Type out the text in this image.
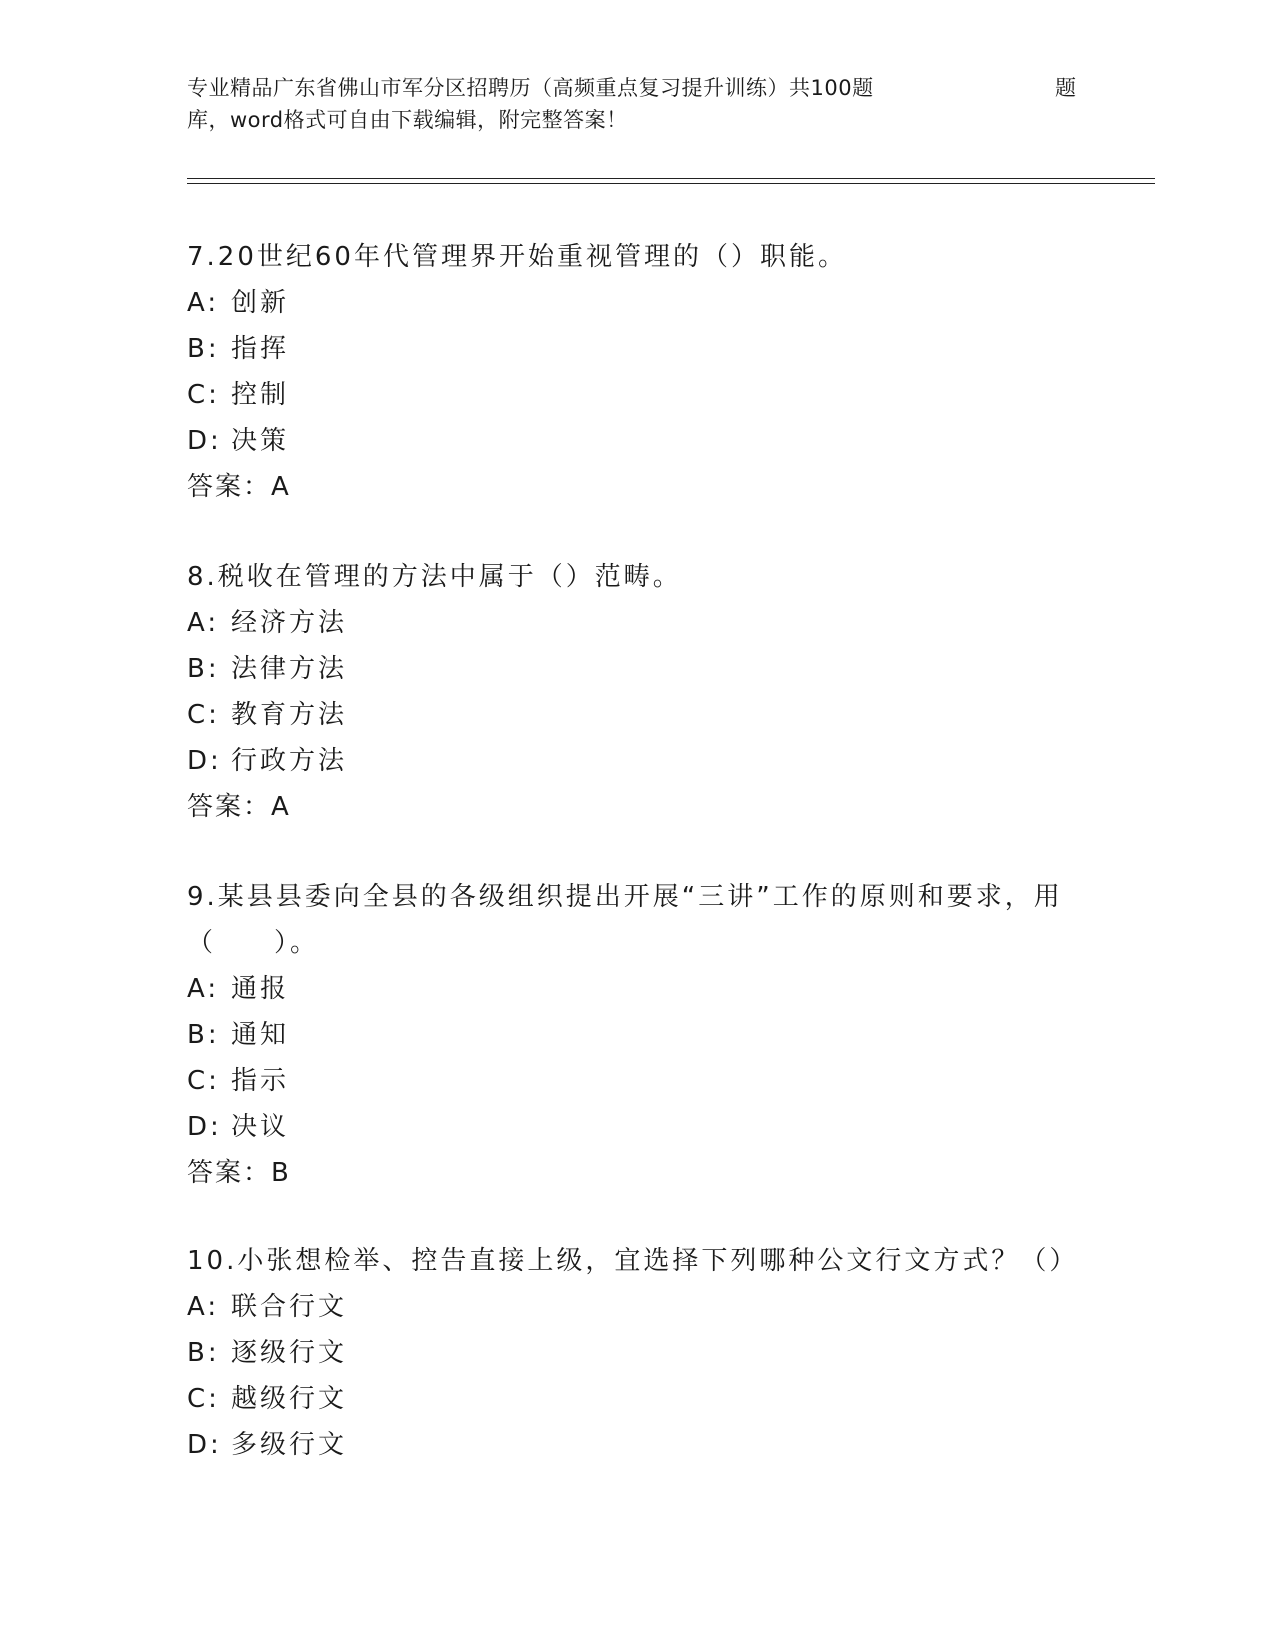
专业精品广东省佛山市军分区招聘历（高频重点复习提升训练）共100题	题
库，word格式可自由下载编辑，附完整答案！
7.20世纪60年代管理界开始重视管理的（）职能。
A: 创新
B: 指挥
C: 控制
D: 决策
答案：A
8.税收在管理的方法中属于（）范畴。
A: 经济方法
B: 法律方法
C: 教育方法
D: 行政方法
答案：A
9.某县县委向全县的各级组织提出开展“三讲”工作的原则和要求，用（　　）。
A: 通报
B: 通知
C: 指示
D: 决议
答案：B
10.小张想检举、控告直接上级，宜选择下列哪种公文行文方式？（）
A: 联合行文
B: 逐级行文
C: 越级行文
D: 多级行文
